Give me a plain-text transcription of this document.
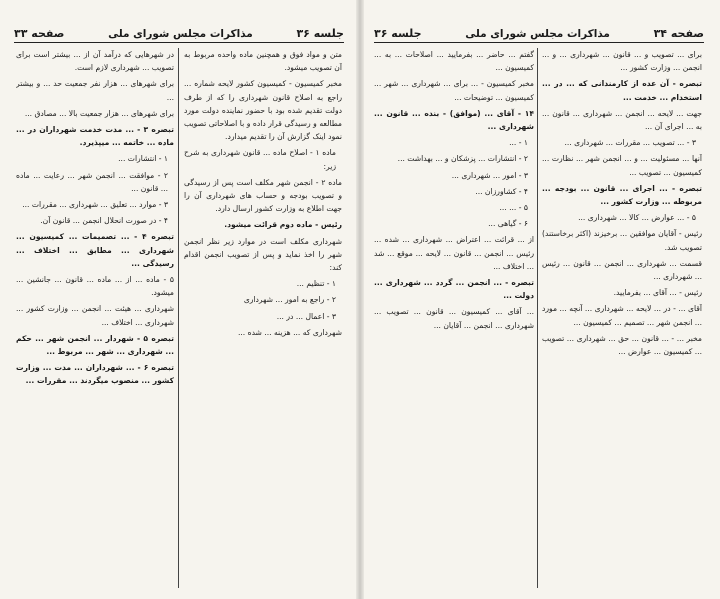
جلسه ۳۶
مذاکرات مجلس شورای ملی
صفحه ۳۳

متن و مواد فوق و همچنین ماده واحده مربوط به آن تصویب میشود.

مخبر کمیسیون - کمیسیون کشور لایحه شماره ... راجع به اصلاح قانون شهرداری را که از طرف دولت تقدیم شده بود با حضور نماینده دولت مورد مطالعه و رسیدگی قرار داده و با اصلاحاتی تصویب نمود اینک گزارش آن را تقدیم میدارد.

ماده ۱ - اصلاح ماده ... قانون شهرداری به شرح زیر:

ماده ۲ - انجمن شهر مکلف است پس از رسیدگی و تصویب بودجه و حساب های شهرداری آن را جهت اطلاع به وزارت کشور ارسال دارد.

رئیس - ماده دوم قرائت میشود.

شهرداری مکلف است در موارد زیر نظر انجمن شهر را اخذ نماید و پس از تصویب انجمن اقدام کند:

۱ - تنظیم ...

۲ - راجع به امور ... شهرداری

۳ - اعمال ... در ...

شهرداری که ... هزینه ... شده ...

در شهرهایی که درآمد آن از ... بیشتر است برای تصویب ... شهرداری لازم است.

برای شهرهای ... هزار نفر جمعیت حد ... و بیشتر ...

برای شهرهای ... هزار جمعیت بالا ... مصادق ...

تبصره ۳ - ... مدت خدمت شهرداران در ... ماده ... خاتمه ... میپذیرد.

۱ - انتشارات ...

۲ - موافقت ... انجمن شهر ... رعایت ... ماده ... قانون ...

۳ - موارد ... تعلیق ... شهرداری ... مقررات ...

۴ - در صورت انحلال انجمن ... قانون آن.

تبصره ۴ - ... تصمیمات ... کمیسیون ... شهرداری ... مطابق ... اختلاف ... رسیدگی ...

۵ - ماده ... از ... ماده ... قانون ... جانشین ... میشود.

شهرداری ... هیئت ... انجمن ... وزارت کشور ... شهرداری ... اختلاف ...

تبصره ۵ - شهردار ... انجمن شهر ... حکم ... شهرداری ... شهر ... مربوط ...

تبصره ۶ - ... شهرداران ... مدت ... وزارت کشور ... منصوب میگردند ... مقررات ...

صفحه ۳۴
مذاکرات مجلس شورای ملی
جلسه ۳۶

برای ... تصویب و ... قانون ... شهرداری ... و ... انجمن ... وزارت کشور ...

تبصره - آن عده از کارمندانی که ... در ... استخدام ... خدمت ...

جهت ... لایحه ... انجمن ... شهرداری ... قانون ... به ... اجرای آن ...

۳ - ... تصویب ... مقررات ... شهرداری ...

آنها ... مسئولیت ... و ... انجمن شهر ... نظارت ... کمیسیون ... تصویب ...

تبصره - ... اجرای ... قانون ... بودجه ... مربوطه ... وزارت کشور ...

۵ - ... عوارض ... کالا ... شهرداری ...

رئیس - آقایان موافقین ... برخیزند (اکثر برخاستند) تصویب شد.

قسمت ... شهرداری ... انجمن ... قانون ... رئیس ... شهرداری ...

رئیس - ... آقای ... بفرمایید.

آقای ... - در ... لایحه ... شهرداری ... آنچه ... مورد ... انجمن شهر ... تصمیم ... کمیسیون ...

مخبر ... - ... قانون ... حق ... شهرداری ... تصویب ... کمیسیون ... عوارض ...

گفتم ... حاضر ... بفرمایید ... اصلاحات ... به ... کمیسیون ...

مخبر کمیسیون - ... برای ... شهرداری ... شهر ... کمیسیون ... توضیحات ...

۱۴ - آقای ... (موافق) - بنده ... قانون ... شهرداری ...

۱ - ...

۲ - انتشارات ... پزشکان و ... بهداشت ...

۳ - امور ... شهرداری ...

۴ - کشاورزان ...

۵ - ... ...

۶ - گیاهی ...

از ... قرائت ... اعتراض ... شهرداری ... شده ... رئیس ... انجمن ... قانون ... لایحه ... موقع ... شد ... اختلاف ...

تبصره - ... انجمن ... گردد ... شهرداری ... دولت ...

... آقای ... کمیسیون ... قانون ... تصویب ... شهرداری ... انجمن ... آقایان ...
